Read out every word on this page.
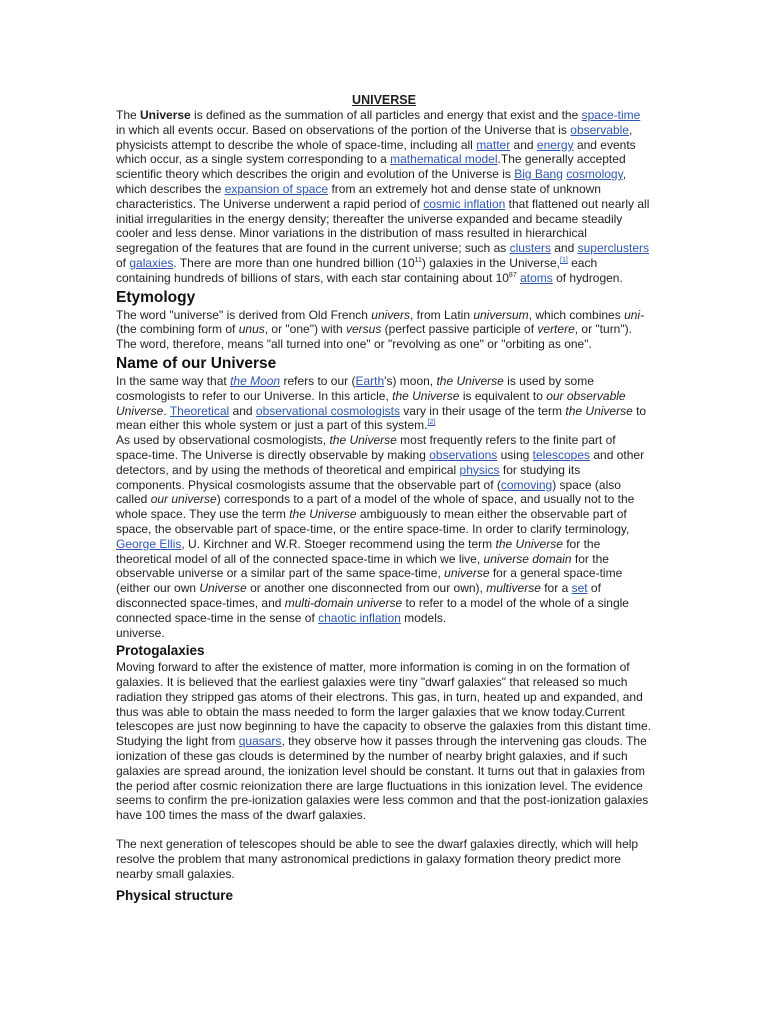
UNIVERSE

The Universe is defined as the summation of all particles and energy that exist and the space-time in which all events occur. Based on observations of the portion of the Universe that is observable, physicists attempt to describe the whole of space-time, including all matter and energy and events which occur, as a single system corresponding to a mathematical model.The generally accepted scientific theory which describes the origin and evolution of the Universe is Big Bang cosmology, which describes the expansion of space from an extremely hot and dense state of unknown characteristics. The Universe underwent a rapid period of cosmic inflation that flattened out nearly all initial irregularities in the energy density; thereafter the universe expanded and became steadily cooler and less dense. Minor variations in the distribution of mass resulted in hierarchical segregation of the features that are found in the current universe; such as clusters and superclusters of galaxies. There are more than one hundred billion $(10^{11})$ galaxies in the Universe,[1] each containing hundreds of billions of stars, with each star containing about $10^{87}$ atoms of hydrogen.

Etymology

The word "universe" is derived from Old French univers, from Latin universum, which combines uni- (the combining form of unus, or "one") with versus (perfect passive participle of vertere, or "turn"). The word, therefore, means "all turned into one" or "revolving as one" or "orbiting as one".

Name of our Universe

In the same way that the Moon refers to our (Earth's) moon, the Universe is used by some cosmologists to refer to our Universe. In this article, the Universe is equivalent to our observable Universe. Theoretical and observational cosmologists vary in their usage of the term the Universe to mean either this whole system or just a part of this system.[2]

As used by observational cosmologists, the Universe most frequently refers to the finite part of space-time. The Universe is directly observable by making observations using telescopes and other detectors, and by using the methods of theoretical and empirical physics for studying its components. Physical cosmologists assume that the observable part of (comoving) space (also called our universe) corresponds to a part of a model of the whole of space, and usually not to the whole space. They use the term the Universe ambiguously to mean either the observable part of space, the observable part of space-time, or the entire space-time. In order to clarify terminology, George Ellis, U. Kirchner and W.R. Stoeger recommend using the term the Universe for the theoretical model of all of the connected space-time in which we live, universe domain for the observable universe or a similar part of the same space-time, universe for a general space-time (either our own Universe or another one disconnected from our own), multiverse for a set of disconnected space-times, and multi-domain universe to refer to a model of the whole of a single connected space-time in the sense of chaotic inflation models.

universe.

Protogalaxies

Moving forward to after the existence of matter, more information is coming in on the formation of galaxies. It is believed that the earliest galaxies were tiny "dwarf galaxies" that released so much radiation they stripped gas atoms of their electrons. This gas, in turn, heated up and expanded, and thus was able to obtain the mass needed to form the larger galaxies that we know today.Current telescopes are just now beginning to have the capacity to observe the galaxies from this distant time. Studying the light from quasars, they observe how it passes through the intervening gas clouds. The ionization of these gas clouds is determined by the number of nearby bright galaxies, and if such galaxies are spread around, the ionization level should be constant. It turns out that in galaxies from the period after cosmic reionization there are large fluctuations in this ionization level. The evidence seems to confirm the pre-ionization galaxies were less common and that the post-ionization galaxies have 100 times the mass of the dwarf galaxies.

The next generation of telescopes should be able to see the dwarf galaxies directly, which will help resolve the problem that many astronomical predictions in galaxy formation theory predict more nearby small galaxies.

Physical structure
